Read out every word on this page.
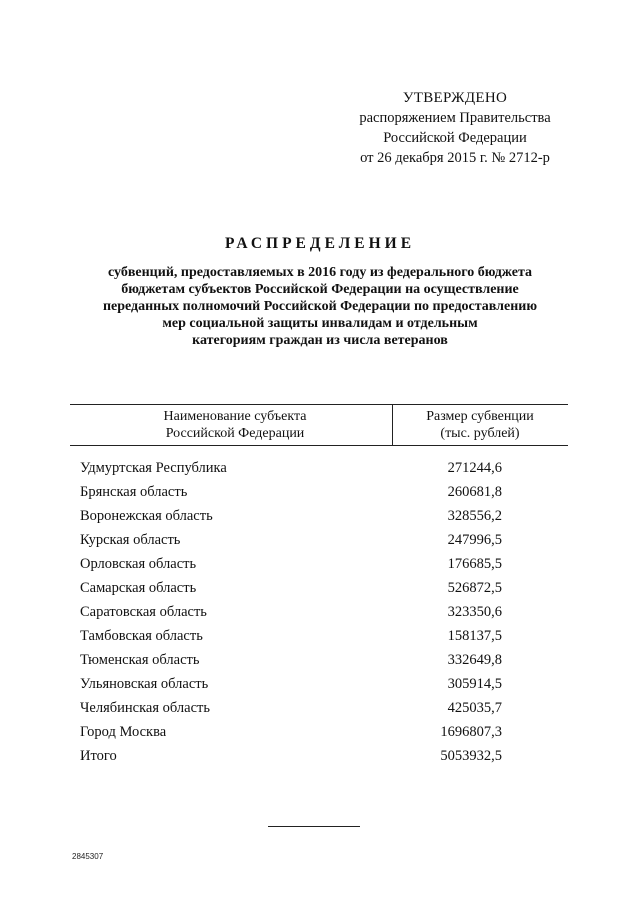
УТВЕРЖДЕНО
распоряжением Правительства
Российской Федерации
от 26 декабря 2015 г. № 2712-р
РАСПРЕДЕЛЕНИЕ
субвенций, предоставляемых в 2016 году из федерального бюджета
бюджетам субъектов Российской Федерации на осуществление
переданных полномочий Российской Федерации по предоставлению
мер социальной защиты инвалидам и отдельным
категориям граждан из числа ветеранов
Наименование субъекта
Российской Федерации
Размер субвенции
(тыс. рублей)
Удмуртская Республика	271244,6
Брянская область	260681,8
Воронежская область	328556,2
Курская область	247996,5
Орловская область	176685,5
Самарская область	526872,5
Саратовская область	323350,6
Тамбовская область	158137,5
Тюменская область	332649,8
Ульяновская область	305914,5
Челябинская область	425035,7
Город Москва	1696807,3
Итого	5053932,5
2845307
